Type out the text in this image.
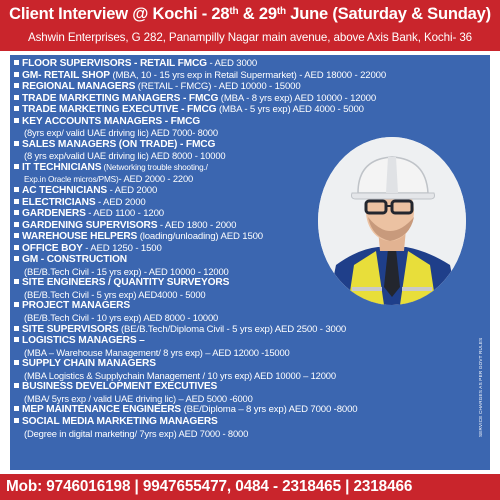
Client Interview @ Kochi - 28th & 29th June (Saturday & Sunday)
Ashwin Enterprises, G 282, Panampilly Nagar main avenue, above Axis Bank, Kochi- 36
FLOOR SUPERVISORS - RETAIL FMCG - AED 3000
GM- RETAIL SHOP (MBA, 10 - 15 yrs exp in Retail Supermarket) - AED 18000 - 22000
REGIONAL MANAGERS (RETAIL - FMCG) - AED 10000 - 15000
TRADE MARKETING MANAGERS - FMCG (MBA - 8 yrs exp) AED 10000 - 12000
TRADE MARKETING EXECUTIVE - FMCG (MBA - 5 yrs exp) AED 4000 - 5000
KEY ACCOUNTS MANAGERS - FMCG
(8yrs exp/ valid UAE driving lic) AED 7000- 8000
SALES MANAGERS (ON TRADE) - FMCG
(8 yrs exp/valid UAE driving lic) AED 8000 - 10000
IT TECHNICIANS (Networking trouble shooting./
Exp.in Oracle micros/PMS)- AED 2000 - 2200
AC TECHNICIANS - AED 2000
ELECTRICIANS - AED 2000
GARDENERS - AED 1100 - 1200
GARDENING SUPERVISORS - AED 1800 - 2000
WAREHOUSE HELPERS (loading/unloading) AED 1500
OFFICE BOY - AED 1250 - 1500
GM - CONSTRUCTION
(BE/B.Tech Civil - 15 yrs exp) - AED 10000 - 12000
SITE ENGINEERS / QUANTITY SURVEYORS
(BE/B.Tech Civil - 5 yrs exp) AED4000 - 5000
PROJECT MANAGERS
(BE/B.Tech Civil - 10 yrs exp) AED 8000 - 10000
SITE SUPERVISORS (BE/B.Tech/Diploma Civil - 5 yrs exp) AED 2500 - 3000
LOGISTICS MANAGERS –
(MBA – Warehouse Management/ 8 yrs exp) – AED 12000 -15000
SUPPLY CHAIN MANAGERS
(MBA Logistics & Supplychain Management / 10 yrs exp) AED 10000 – 12000
BUSINESS DEVELOPMENT EXECUTIVES
(MBA/ 5yrs exp / valid UAE driving lic) – AED 5000 -6000
MEP MAINTENANCE ENGINEERS (BE/Diploma – 8 yrs exp) AED 7000 -8000
SOCIAL MEDIA MARKETING MANAGERS
(Degree in digital marketing/ 7yrs exp) AED 7000 - 8000	SERVICE CHARGES AS PER GOVT RULES
Mob: 9746016198 | 9947655477, 0484 - 2318465 | 2318466
